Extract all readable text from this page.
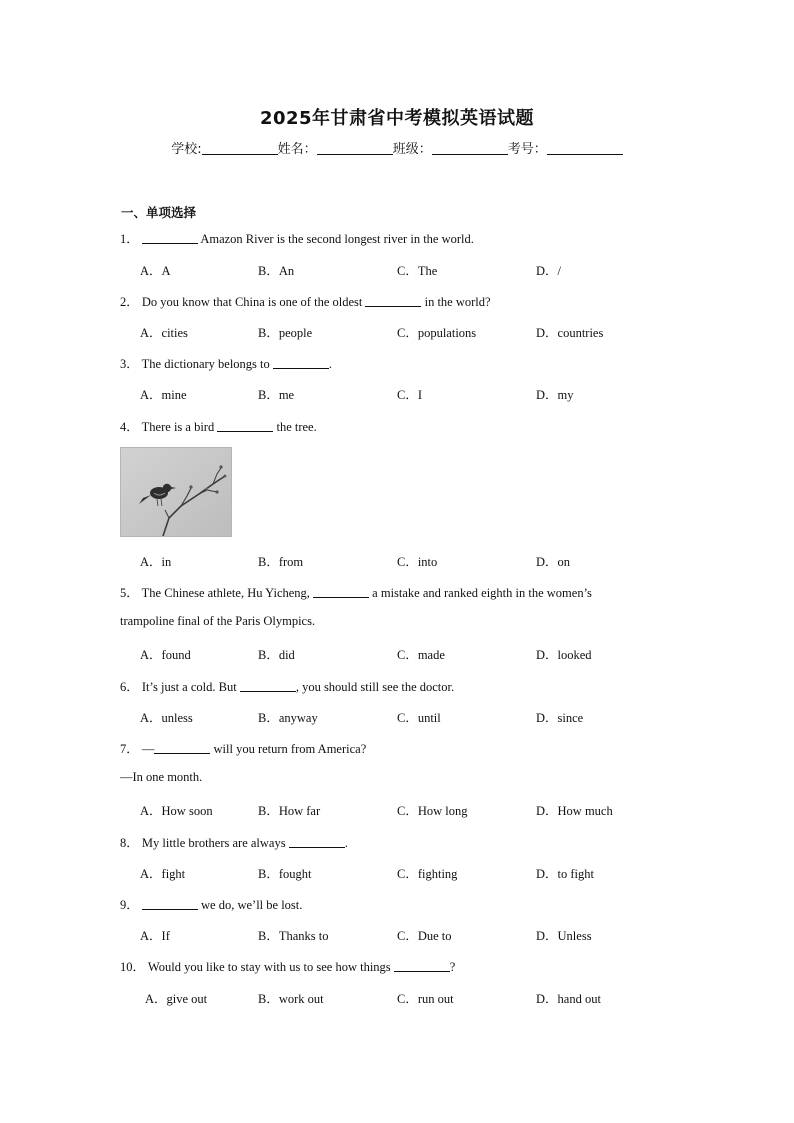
2025年甘肃省中考模拟英语试题
学校:	姓名：	班级：	考号：
一、单项选择
1．	Amazon River is the second longest river in the world.
A．A	B．An	C．The	D．/
2． Do you know that China is one of the oldest	in the world?
A．cities	B．people	C．populations	D．countries
3． The dictionary belongs to	.
A．mine	B．me	C．I	D．my
4． There is a bird	the tree.
A．in	B．from	C．into	D．on
5． The Chinese athlete, Hu Yicheng,	a mistake and ranked eighth in the women’s
trampoline final of the Paris Olympics.
A．found	B．did	C．made	D．looked
6． It’s just a cold. But	, you should still see the doctor.
A．unless	B．anyway	C．until	D．since
7． —	will you return from America?
—In one month.
A．How soon	B．How far	C．How long	D．How much
8． My little brothers are always	.
A．fight	B．fought	C．fighting	D．to fight
9．	we do, we’ll be lost.
A．If	B．Thanks to	C．Due to	D．Unless
10． Would you like to stay with us to see how things	?
A．give out	B．work out	C．run out	D．hand out
